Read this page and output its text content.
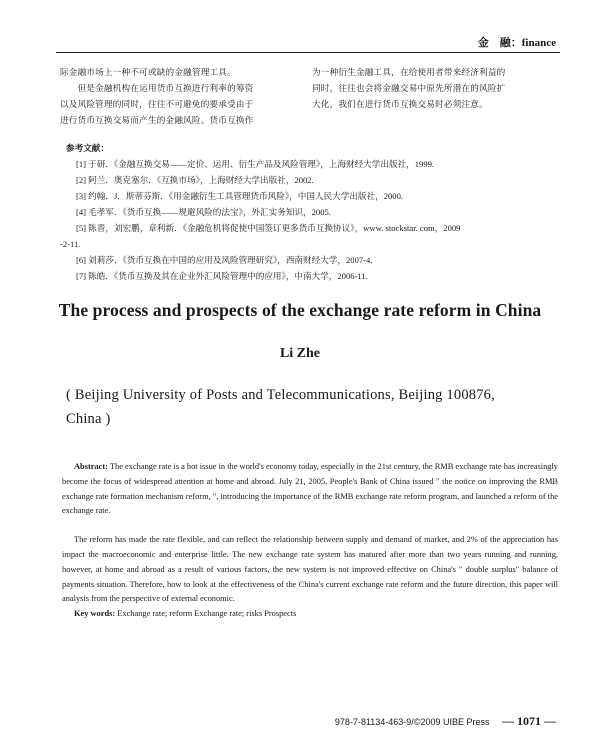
金　融：finance
际金融市场上一种不可或缺的金融管理工具。
　　但是金融机构在运用货币互换进行利率的筹资
以及风险管理的同时，往往不可避免的要承受由于
进行货币互换交易而产生的金融风险。货币互换作
为一种衍生金融工具，在给使用者带来经济利益的
同时，往往也会将金融交易中原先所潜在的风险扩
大化，我们在进行货币互换交易时必须注意。
参考文献：
[1] 于研．《金融互换交易——定价、运用、衍生产品及风险管理》，上海财经大学出版社，1999.
[2] 阿兰．奥克塞尔．《互换市场》，上海财经大学出版社，2002.
[3] 约翰．J．斯蒂芬斯．《用金融衍生工具管理货币风险》，中国人民大学出版社，2000.
[4] 毛孝军．《货币互换——规避风险的法宝》，外汇实务知识，2005.
[5] 陈晋，刘宏鹏，章利新．《金融危机将促使中国签订更多货币互换协议》，www. stockstar. com，2009
-2-11.
[6] 刘莉莎．《货币互换在中国的应用及风险管理研究》，西南财经大学，2007-4.
[7] 陈皓．《货币互换及其在企业外汇风险管理中的应用》，中南大学，2006-11.
The process and prospects of the exchange rate reform in China
Li Zhe
( Beijing University of Posts and Telecommunications, Beijing 100876,
China )

Abstract: The exchange rate is a hot issue in the world's economy today, especially in the 21st century, the RMB exchange rate has increasingly become the focus of widespread attention at home and abroad. July 21, 2005, People's Bank of China issued " the notice on improving the RMB exchange rate formation mechanism reform, ", introducing the importance of the RMB exchange rate reform program, and launched a reform of the exchange rate.

The reform has made the rate flexible, and can reflect the relationship between supply and demand of market, and 2% of the appreciation has impact the macroeconomic and enterprise little. The new exchange rate system has matured after more than two years running and running, however, at home and abroad as a result of various factors, the new system is not improved effective on China's " double surplus" balance of payments situation. Therefore, how to look at the effectiveness of the China's current exchange rate reform and the future direction, this paper will analysis from the perspective of external economic.

Key words: Exchange rate; reform Exchange rate; risks Prospects
978-7-81134-463-9/©2009 UIBE Press — 1071 —
